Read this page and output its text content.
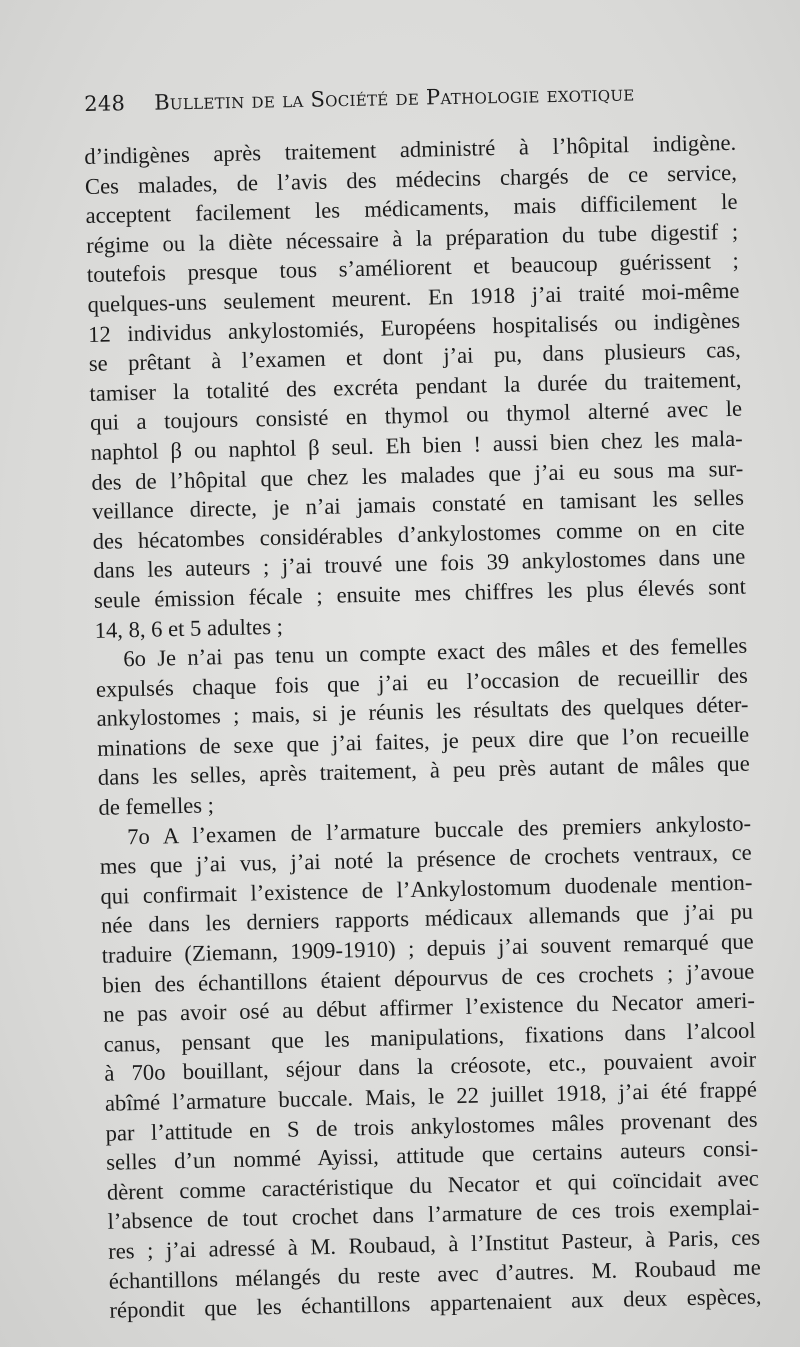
248 Bulletin de la Société de Pathologie exotique
d’indigènes après traitement administré à l’hôpital indigène.
Ces malades, de l’avis des médecins chargés de ce service,
acceptent facilement les médicaments, mais difficilement le
régime ou la diète nécessaire à la préparation du tube digestif ;
toutefois presque tous s’améliorent et beaucoup guérissent ;
quelques-uns seulement meurent. En 1918 j’ai traité moi-même
12 individus ankylostomiés, Européens hospitalisés ou indigènes
se prêtant à l’examen et dont j’ai pu, dans plusieurs cas,
tamiser la totalité des excréta pendant la durée du traitement,
qui a toujours consisté en thymol ou thymol alterné avec le
naphtol β ou naphtol β seul. Eh bien ! aussi bien chez les mala-
des de l’hôpital que chez les malades que j’ai eu sous ma sur-
veillance directe, je n’ai jamais constaté en tamisant les selles
des hécatombes considérables d’ankylostomes comme on en cite
dans les auteurs ; j’ai trouvé une fois 39 ankylostomes dans une
seule émission fécale ; ensuite mes chiffres les plus élevés sont
14, 8, 6 et 5 adultes ;
6o Je n’ai pas tenu un compte exact des mâles et des femelles
expulsés chaque fois que j’ai eu l’occasion de recueillir des
ankylostomes ; mais, si je réunis les résultats des quelques déter-
minations de sexe que j’ai faites, je peux dire que l’on recueille
dans les selles, après traitement, à peu près autant de mâles que
de femelles ;
7o A l’examen de l’armature buccale des premiers ankylosto-
mes que j’ai vus, j’ai noté la présence de crochets ventraux, ce
qui confirmait l’existence de l’Ankylostomum duodenale mention-
née dans les derniers rapports médicaux allemands que j’ai pu
traduire (Ziemann, 1909-1910) ; depuis j’ai souvent remarqué que
bien des échantillons étaient dépourvus de ces crochets ; j’avoue
ne pas avoir osé au début affirmer l’existence du Necator ameri-
canus, pensant que les manipulations, fixations dans l’alcool
à 70o bouillant, séjour dans la créosote, etc., pouvaient avoir
abîmé l’armature buccale. Mais, le 22 juillet 1918, j’ai été frappé
par l’attitude en S de trois ankylostomes mâles provenant des
selles d’un nommé Ayissi, attitude que certains auteurs consi-
dèrent comme caractéristique du Necator et qui coïncidait avec
l’absence de tout crochet dans l’armature de ces trois exemplai-
res ; j’ai adressé à M. Roubaud, à l’Institut Pasteur, à Paris, ces
échantillons mélangés du reste avec d’autres. M. Roubaud me
répondit que les échantillons appartenaient aux deux espèces,
